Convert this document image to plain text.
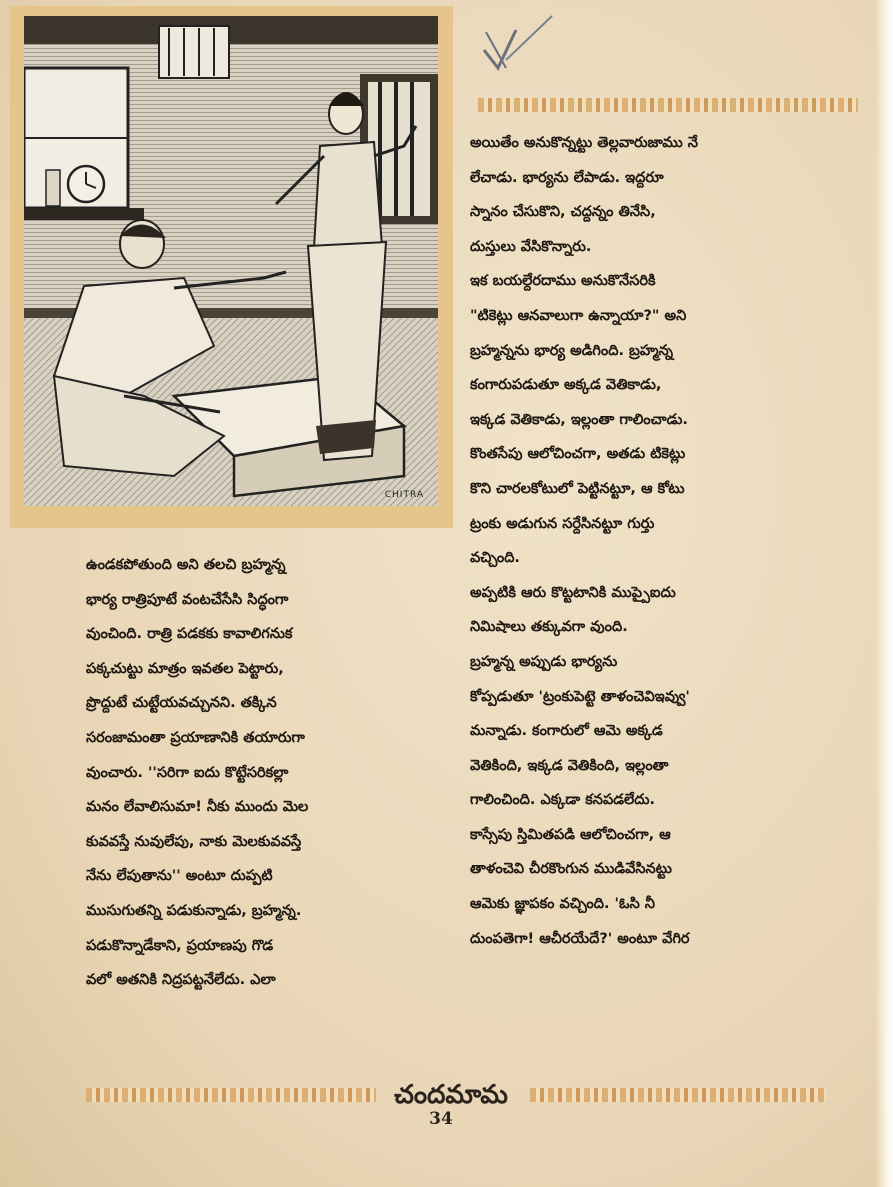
CHITRA

ఉండకపోతుంది అని తలచి బ్రహ్మన్న

భార్య రాత్రిపూటే వంటచేసేసి సిద్ధంగా

వుంచింది. రాత్రి పడకకు కావాలిగనుక

పక్కచుట్టు మాత్రం ఇవతల పెట్టారు,

ప్రొద్దుటే చుట్టేయవచ్చునని. తక్కిన

సరంజామంతా ప్రయాణానికి తయారుగా

వుంచారు. ''సరిగా ఐదు కొట్టేసరికల్లా

మనం లేవాలిసుమా! నీకు ముందు మెల

కువవస్తే నువులేపు, నాకు మెలకువవస్తే

నేను లేపుతాను'' అంటూ దుప్పటి

ముసుగుతన్ని పడుకున్నాడు, బ్రహ్మన్న.

పడుకొన్నాడేకాని, ప్రయాణపు గొడ

వలో అతనికి నిద్రపట్టనేలేదు. ఎలా

అయితేం అనుకొన్నట్టు తెల్లవారుజాము నే

లేచాడు. భార్యను లేపాడు. ఇద్దరూ

స్నానం చేసుకొని, చద్దన్నం తినేసి,

దుస్తులు వేసికొన్నారు.

ఇక బయల్దేరదాము అనుకొనేసరికి

"టికెట్లు ఆనవాలుగా ఉన్నాయా?" అని

బ్రహ్మన్నను భార్య అడిగింది. బ్రహ్మన్న

కంగారుపడుతూ అక్కడ వెతికాడు,

ఇక్కడ వెతికాడు, ఇల్లంతా గాలించాడు.

కొంతసేపు ఆలోచించగా, అతడు టికెట్లు

కొని చారలకోటులో పెట్టినట్టూ, ఆ కోటు

ట్రంకు అడుగున సర్దేసినట్టూ గుర్తు

వచ్చింది.

అప్పటికి ఆరు కొట్టటానికి ముప్పైఐదు

నిమిషాలు తక్కువగా వుంది.

బ్రహ్మన్న అప్పుడు భార్యను

కోప్పడుతూ 'ట్రంకుపెట్టె తాళంచెవిఇవ్వు'

మన్నాడు. కంగారులో ఆమె అక్కడ

వెతికింది, ఇక్కడ వెతికింది, ఇల్లంతా

గాలించింది. ఎక్కడా కనపడలేదు.

కాస్సేపు స్తిమితపడి ఆలోచించగా, ఆ

తాళంచెవి చీరకొంగున ముడివేసినట్టు

ఆమెకు జ్ఞాపకం వచ్చింది. 'ఓసి నీ

దుంపతెగా! ఆచీరయేదే?' అంటూ వేగిర

చందమామ
34
